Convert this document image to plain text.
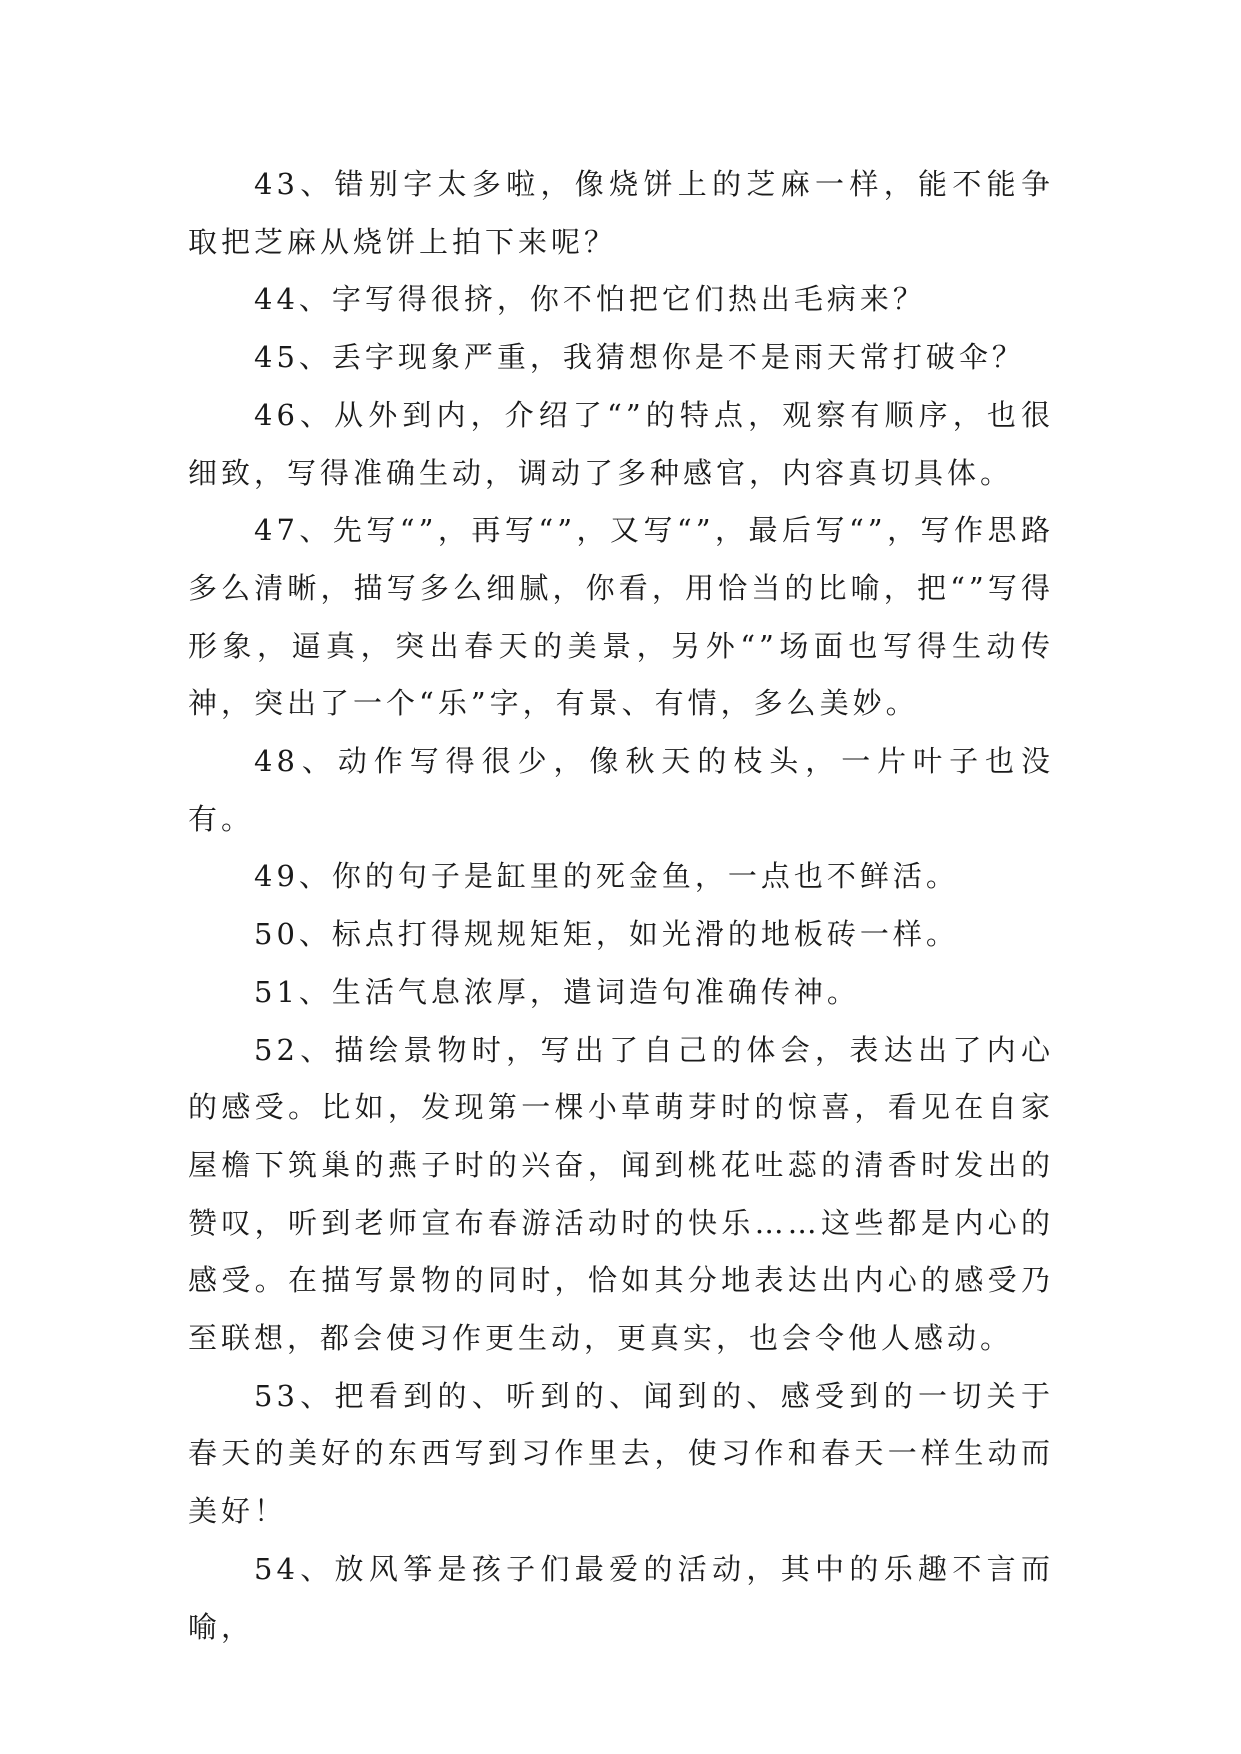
43、错别字太多啦，像烧饼上的芝麻一样，能不能争取把芝麻从烧饼上拍下来呢？

44、字写得很挤，你不怕把它们热出毛病来？

45、丢字现象严重，我猜想你是不是雨天常打破伞？

46、从外到内，介绍了“”的特点，观察有顺序，也很细致，写得准确生动，调动了多种感官，内容真切具体。

47、先写“”，再写“”，又写“”，最后写“”，写作思路多么清晰，描写多么细腻，你看，用恰当的比喻，把“”写得形象，逼真，突出春天的美景，另外“”场面也写得生动传神，突出了一个“乐”字，有景、有情，多么美妙。

48、动作写得很少，像秋天的枝头，一片叶子也没有。

49、你的句子是缸里的死金鱼，一点也不鲜活。

50、标点打得规规矩矩，如光滑的地板砖一样。

51、生活气息浓厚，遣词造句准确传神。

52、描绘景物时，写出了自己的体会，表达出了内心的感受。比如，发现第一棵小草萌芽时的惊喜，看见在自家屋檐下筑巢的燕子时的兴奋，闻到桃花吐蕊的清香时发出的赞叹，听到老师宣布春游活动时的快乐……这些都是内心的感受。在描写景物的同时，恰如其分地表达出内心的感受乃至联想，都会使习作更生动，更真实，也会令他人感动。

53、把看到的、听到的、闻到的、感受到的一切关于春天的美好的东西写到习作里去，使习作和春天一样生动而美好！

54、放风筝是孩子们最爱的活动，其中的乐趣不言而喻，
